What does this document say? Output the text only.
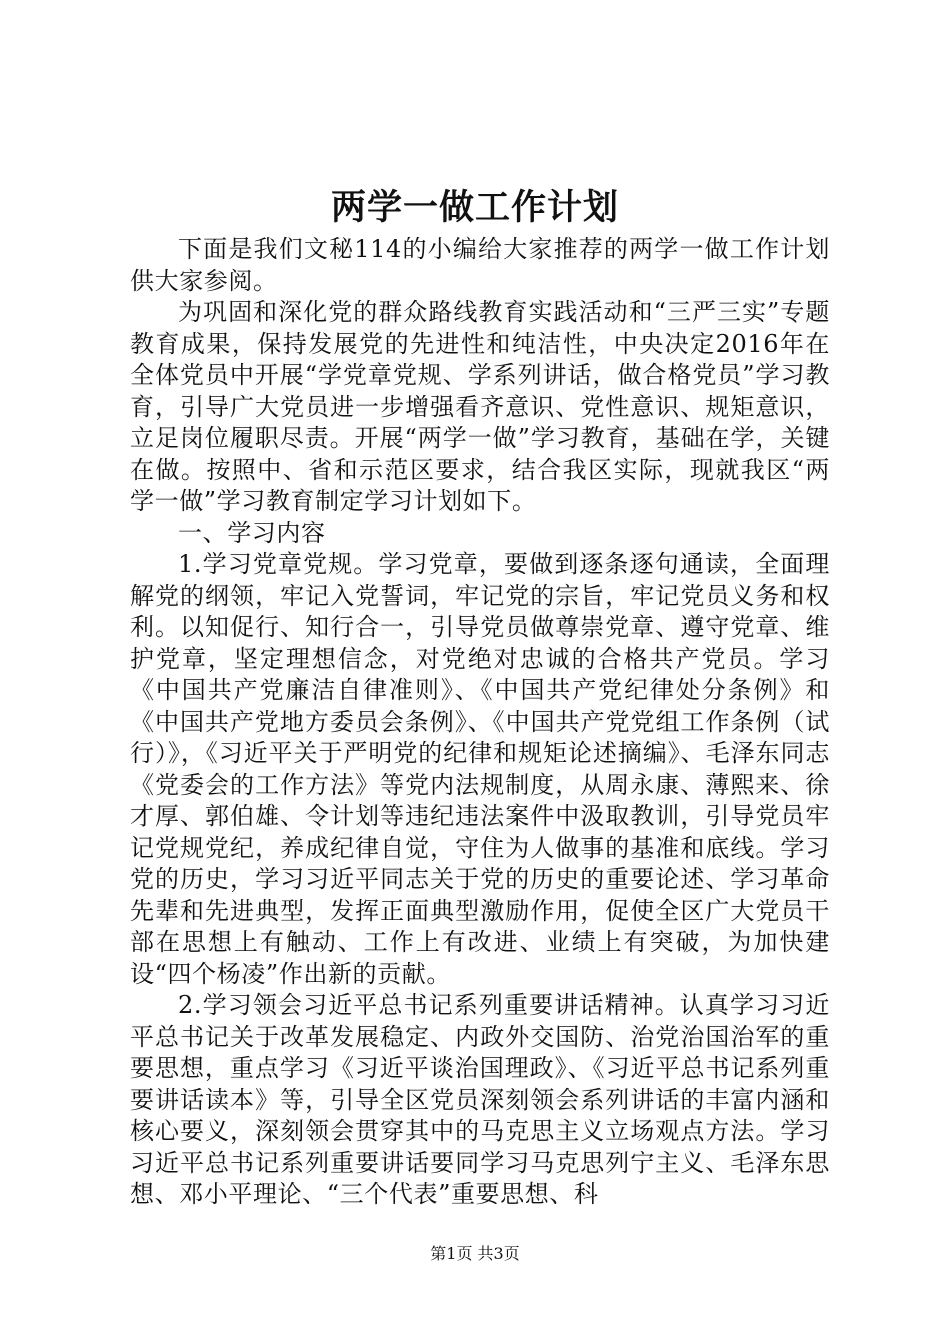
两学一做工作计划

下面是我们文秘114的小编给大家推荐的两学一做工作计划供大家参阅。

为巩固和深化党的群众路线教育实践活动和“三严三实”专题教育成果，保持发展党的先进性和纯洁性，中央决定2016年在全体党员中开展“学党章党规、学系列讲话，做合格党员”学习教育，引导广大党员进一步增强看齐意识、党性意识、规矩意识，立足岗位履职尽责。开展“两学一做”学习教育，基础在学，关键在做。按照中、省和示范区要求，结合我区实际，现就我区“两学一做”学习教育制定学习计划如下。

一、学习内容

1.学习党章党规。学习党章，要做到逐条逐句通读，全面理解党的纲领，牢记入党誓词，牢记党的宗旨，牢记党员义务和权利。以知促行、知行合一，引导党员做尊崇党章、遵守党章、维护党章，坚定理想信念，对党绝对忠诚的合格共产党员。学习《中国共产党廉洁自律准则》、《中国共产党纪律处分条例》和《中国共产党地方委员会条例》、《中国共产党党组工作条例（试行）》，《习近平关于严明党的纪律和规矩论述摘编》、毛泽东同志《党委会的工作方法》等党内法规制度，从周永康、薄熙来、徐才厚、郭伯雄、令计划等违纪违法案件中汲取教训，引导党员牢记党规党纪，养成纪律自觉，守住为人做事的基准和底线。学习党的历史，学习习近平同志关于党的历史的重要论述、学习革命先辈和先进典型，发挥正面典型激励作用，促使全区广大党员干部在思想上有触动、工作上有改进、业绩上有突破，为加快建设“四个杨凌”作出新的贡献。

2.学习领会习近平总书记系列重要讲话精神。认真学习习近平总书记关于改革发展稳定、内政外交国防、治党治国治军的重要思想，重点学习《习近平谈治国理政》、《习近平总书记系列重要讲话读本》等，引导全区党员深刻领会系列讲话的丰富内涵和核心要义，深刻领会贯穿其中的马克思主义立场观点方法。学习习近平总书记系列重要讲话要同学习马克思列宁主义、毛泽东思想、邓小平理论、“三个代表”重要思想、科

第1页 共3页
